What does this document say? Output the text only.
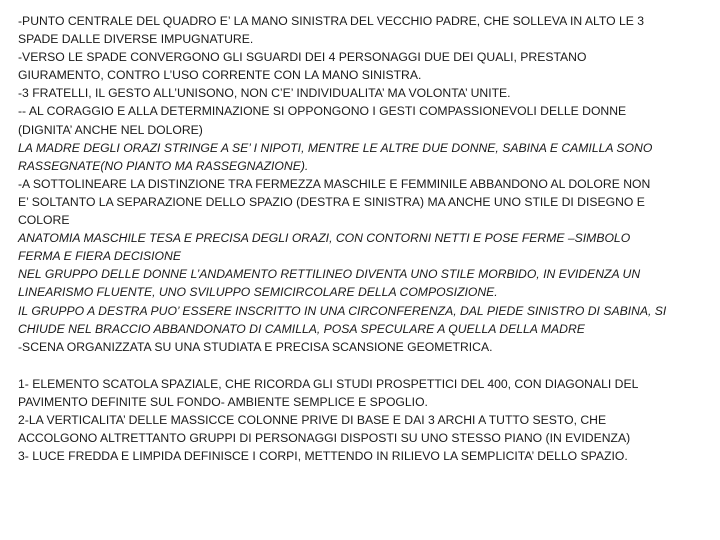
-PUNTO CENTRALE DEL QUADRO E’ LA MANO SINISTRA DEL VECCHIO PADRE, CHE SOLLEVA IN ALTO LE 3
SPADE DALLE DIVERSE IMPUGNATURE.
-VERSO LE SPADE CONVERGONO GLI SGUARDI DEI 4 PERSONAGGI DUE DEI QUALI, PRESTANO
GIURAMENTO, CONTRO L’USO CORRENTE CON LA MANO SINISTRA.
-3 FRATELLI, IL GESTO ALL’UNISONO, NON C’E’ INDIVIDUALITA’ MA VOLONTA’ UNITE.
-- AL CORAGGIO E ALLA DETERMINAZIONE SI OPPONGONO I GESTI COMPASSIONEVOLI DELLE DONNE
(DIGNITA’ ANCHE NEL DOLORE)
LA MADRE DEGLI ORAZI STRINGE A SE’ I NIPOTI, MENTRE LE ALTRE DUE DONNE, SABINA E CAMILLA SONO
RASSEGNATE(NO PIANTO MA RASSEGNAZIONE).
-A SOTTOLINEARE LA DISTINZIONE TRA FERMEZZA MASCHILE E FEMMINILE ABBANDONO AL DOLORE NON
E’ SOLTANTO LA SEPARAZIONE DELLO SPAZIO (DESTRA E SINISTRA) MA ANCHE UNO STILE DI DISEGNO E
COLORE
ANATOMIA MASCHILE TESA E PRECISA DEGLI ORAZI, CON CONTORNI NETTI E POSE FERME –SIMBOLO
FERMA E FIERA DECISIONE
NEL GRUPPO DELLE DONNE L’ANDAMENTO RETTILINEO DIVENTA UNO STILE MORBIDO, IN EVIDENZA UN
LINEARISMO FLUENTE, UNO SVILUPPO SEMICIRCOLARE DELLA COMPOSIZIONE.
IL GRUPPO A DESTRA PUO’ ESSERE INSCRITTO IN UNA CIRCONFERENZA, DAL PIEDE SINISTRO DI SABINA, SI
CHIUDE NEL BRACCIO ABBANDONATO DI CAMILLA, POSA SPECULARE A QUELLA DELLA MADRE
-SCENA ORGANIZZATA SU UNA STUDIATA E PRECISA SCANSIONE GEOMETRICA.
1- ELEMENTO SCATOLA SPAZIALE, CHE RICORDA GLI STUDI PROSPETTICI DEL 400, CON DIAGONALI DEL
PAVIMENTO DEFINITE SUL FONDO- AMBIENTE SEMPLICE E SPOGLIO.
2-LA VERTICALITA’ DELLE MASSICCE COLONNE PRIVE DI BASE E DAI 3 ARCHI A TUTTO SESTO, CHE
ACCOLGONO ALTRETTANTO GRUPPI DI PERSONAGGI DISPOSTI SU UNO STESSO PIANO (IN EVIDENZA)
3- LUCE FREDDA E LIMPIDA DEFINISCE I CORPI, METTENDO IN RILIEVO LA SEMPLICITA’ DELLO SPAZIO.
